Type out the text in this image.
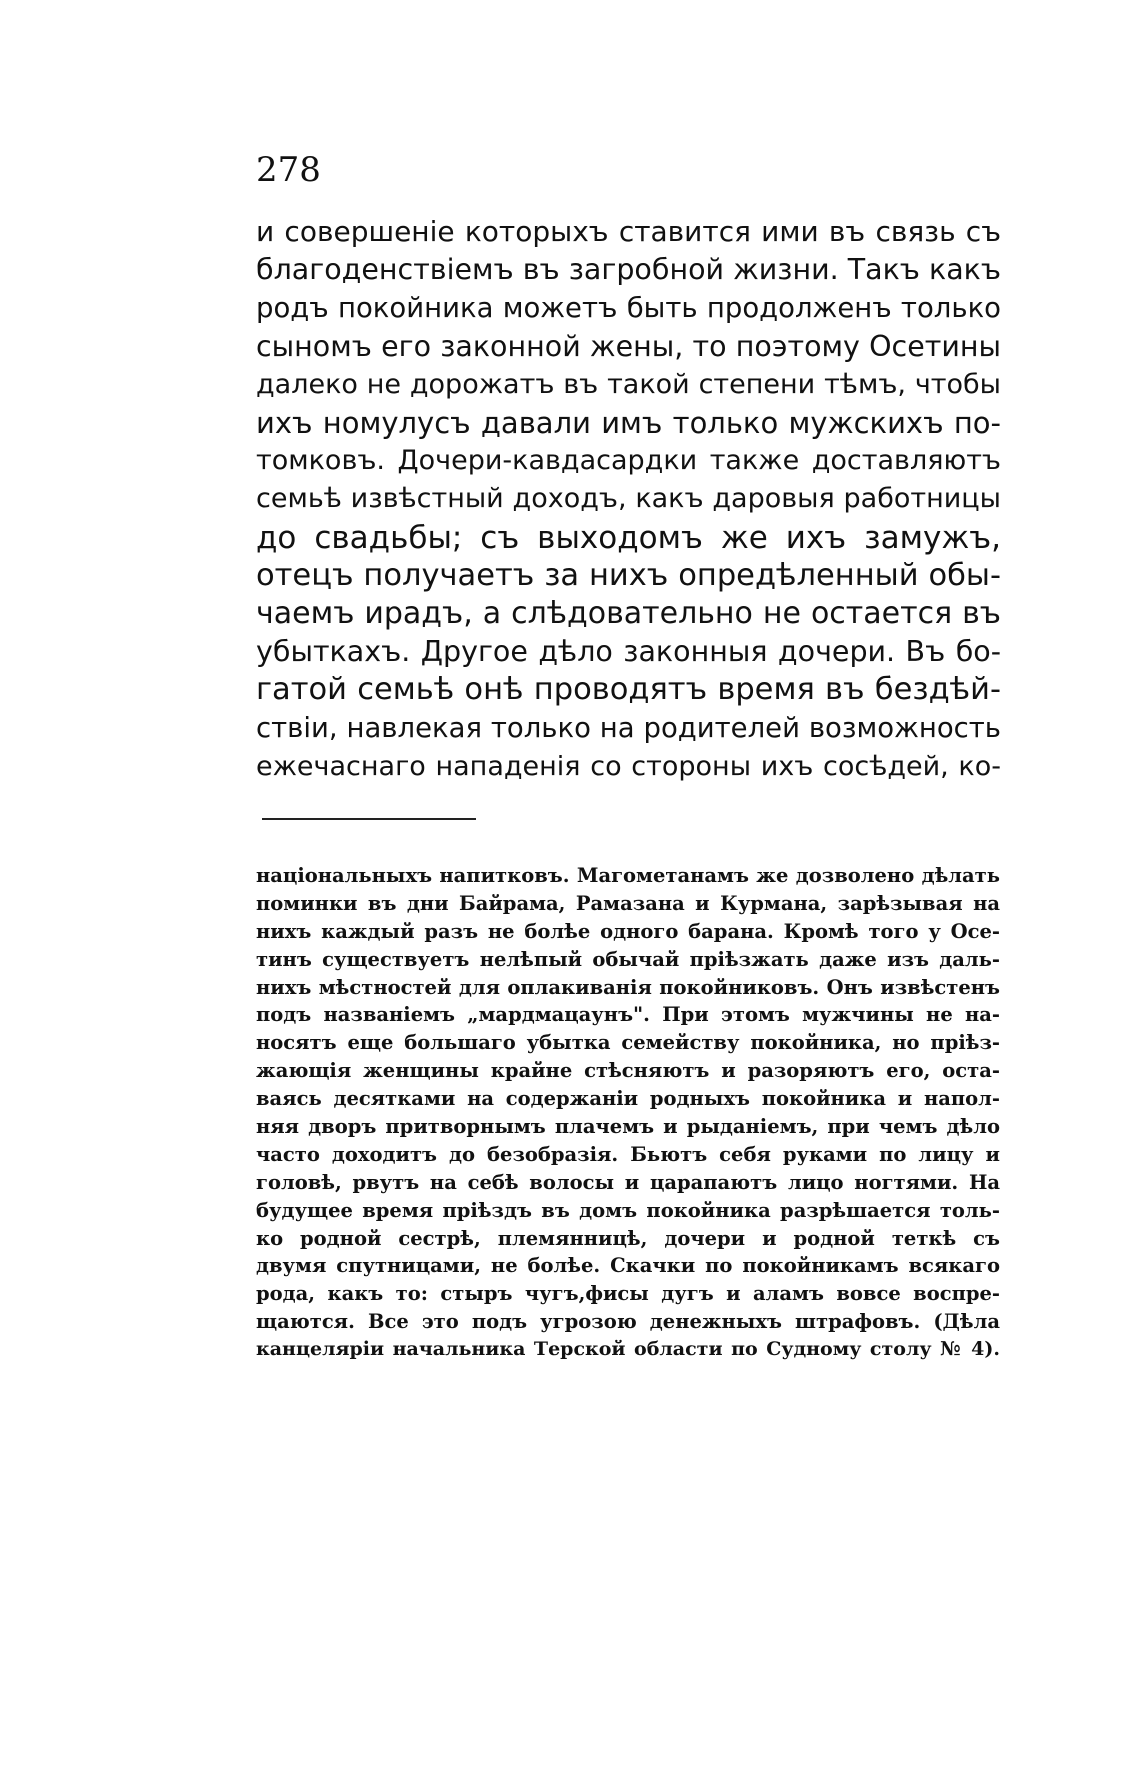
278
и совершеніе которыхъ ставится ими въ связь съ
благоденствіемъ въ загробной жизни. Такъ какъ
родъ покойника можетъ быть продолженъ только
сыномъ его законной жены, то поэтому Осетины
далеко не дорожатъ въ такой степени тѣмъ, чтобы
ихъ номулусъ давали имъ только мужскихъ по-
томковъ. Дочери-кавдасардки также доставляютъ
семьѣ извѣстный доходъ, какъ даровыя работницы
до свадьбы; съ выходомъ же ихъ замужъ,
отецъ получаетъ за нихъ опредѣленный обы-
чаемъ ирадъ, а слѣдовательно не остается въ
убыткахъ. Другое дѣло законныя дочери. Въ бо-
гатой семьѣ онѣ проводятъ время въ бездѣй-
ствіи, навлекая только на родителей возможность
ежечаснаго нападенія со стороны ихъ сосѣдей, ко-
національныхъ напитковъ. Магометанамъ же дозволено дѣлать
поминки въ дни Байрама, Рамазана и Курмана, зарѣзывая на
нихъ каждый разъ не болѣе одного барана. Кромѣ того у Осе-
тинъ существуетъ нелѣпый обычай пріѣзжать даже изъ даль-
нихъ мѣстностей для оплакиванія покойниковъ. Онъ извѣстенъ
подъ названіемъ „мардмацаунъ". При этомъ мужчины не на-
носятъ еще большаго убытка семейству покойника, но пріѣз-
жающія женщины крайне стѣсняютъ и разоряютъ его, оста-
ваясь десятками на содержаніи родныхъ покойника и напол-
няя дворъ притворнымъ плачемъ и рыданіемъ, при чемъ дѣло
часто доходитъ до безобразія. Бьютъ себя руками по лицу и
головѣ, рвутъ на себѣ волосы и царапаютъ лицо ногтями. На
будущее время пріѣздъ въ домъ покойника разрѣшается толь-
ко родной сестрѣ, племянницѣ, дочери и родной теткѣ съ
двумя спутницами, не болѣе. Скачки по покойникамъ всякаго
рода, какъ то: стыръ чугъ,фисы дугъ и аламъ вовсе воспре-
щаются. Все это подъ угрозою денежныхъ штрафовъ. (Дѣла
канцеляріи начальника Терской области по Судному столу № 4).
